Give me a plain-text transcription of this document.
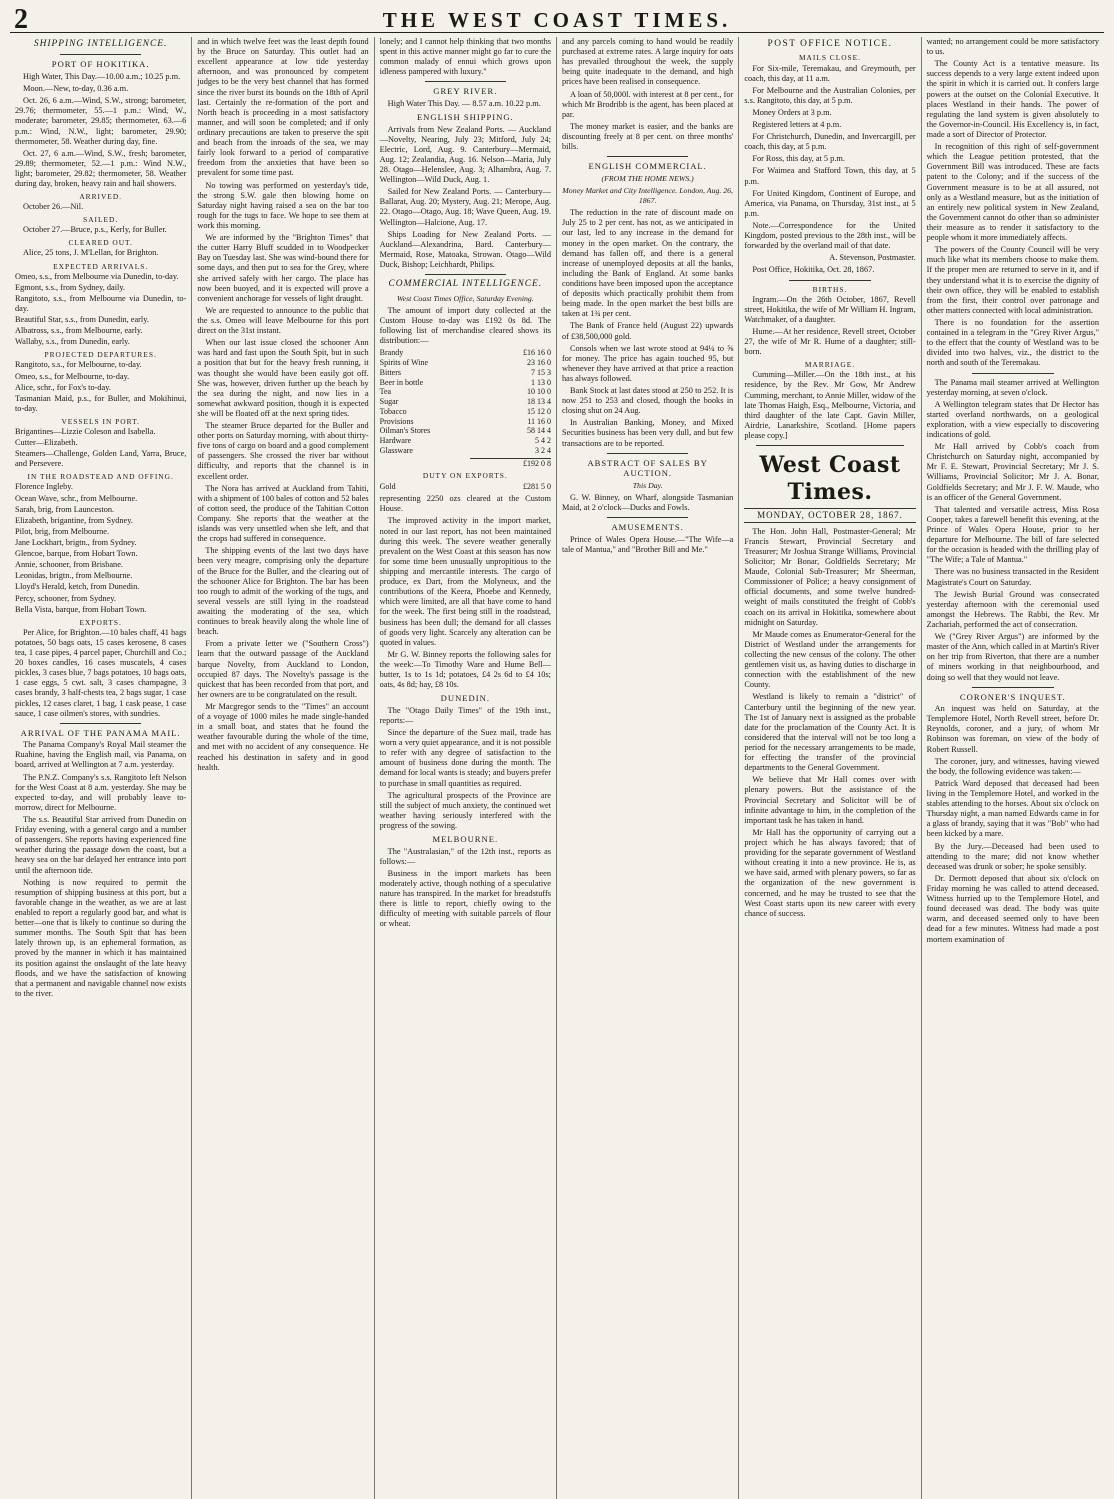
2	THE WEST COAST TIMES.
SHIPPING INTELLIGENCE.
PORT OF HOKITIKA.

High Water, This Day.—10.00 a.m.; 10.25 p.m.

Moon.—New, to-day, 0.36 a.m.

Oct. 26, 6 a.m.—Wind, S.W., strong; barometer, 29.76; thermometer, 55.—1 p.m.: Wind, W., moderate; barometer, 29.85; thermometer, 63.—6 p.m.: Wind, N.W., light; barometer, 29.90; thermometer, 58. Weather during day, fine.

Oct. 27, 6 a.m.—Wind, S.W., fresh; barometer, 29.89; thermometer, 52.—1 p.m.: Wind N.W., light; barometer, 29.82; thermometer, 58. Weather during day, broken, heavy rain and hail showers.

ARRIVED.

October 26.—Nil.

SAILED.

October 27.—Bruce, p.s., Kerly, for Buller.

CLEARED OUT.

Alice, 25 tons, J. M'Lellan, for Brighton.

EXPECTED ARRIVALS.

Omeo, s.s., from Melbourne via Dunedin, to-day.

Egmont, s.s., from Sydney, daily.

Rangitoto, s.s., from Melbourne via Dunedin, to-day.

Beautiful Star, s.s., from Dunedin, early.

Albatross, s.s., from Melbourne, early.

Wallaby, s.s., from Dunedin, early.

PROJECTED DEPARTURES.

Rangitoto, s.s., for Melbourne, to-day.

Omeo, s.s., for Melbourne, to-day.

Alice, schr., for Fox's to-day.

Tasmanian Maid, p.s., for Buller, and Mokihinui, to-day.

VESSELS IN PORT.

Brigantines—Lizzie Coleson and Isabella.

Cutter—Elizabeth.

Steamers—Challenge, Golden Land, Yarra, Bruce, and Persevere.

IN THE ROADSTEAD AND OFFING.

Florence Ingleby.

Ocean Wave, schr., from Melbourne.

Sarah, brig, from Launceston.

Elizabeth, brigantine, from Sydney.

Pilot, brig, from Melbourne.

Jane Lockhart, brigtn., from Sydney.

Glencoe, barque, from Hobart Town.

Annie, schooner, from Brisbane.

Leonidas, brigtn., from Melbourne.

Lloyd's Herald, ketch, from Dunedin.

Percy, schooner, from Sydney.

Bella Vista, barque, from Hobart Town.

EXPORTS.

Per Alice, for Brighton.—10 bales chaff, 41 bags potatoes, 50 bags oats, 15 cases kerosene, 8 cases tea, 1 case pipes, 4 parcel paper, Churchill and Co.; 20 boxes candles, 16 cases muscatels, 4 cases pickles, 3 cases blue, 7 bags potatoes, 10 bags oats, 1 case eggs, 5 cwt. salt, 3 cases champagne, 3 cases brandy, 3 half-chests tea, 2 bags sugar, 1 case pickles, 12 cases claret, 1 bag, 1 cask pease, 1 case sauce, 1 case oilmen's stores, with sundries.

ARRIVAL OF THE PANAMA MAIL.

The Panama Company's Royal Mail steamer the Ruahine, having the English mail, via Panama, on board, arrived at Wellington at 7 a.m. yesterday.

The P.N.Z. Company's s.s. Rangitoto left Nelson for the West Coast at 8 a.m. yesterday. She may be expected to-day, and will probably leave to-morrow, direct for Melbourne.

The s.s. Beautiful Star arrived from Dunedin on Friday evening, with a general cargo and a number of passengers. She reports having experienced fine weather during the passage down the coast, but a heavy sea on the bar delayed her entrance into port until the afternoon tide.

Nothing is now required to permit the resumption of shipping business at this port, but a favorable change in the weather, as we are at last enabled to report a regularly good bar, and what is better—one that is likely to continue so during the summer months. The South Spit that has been lately thrown up, is an ephemeral formation, as proved by the manner in which it has maintained its position against the onslaught of the late heavy floods, and we have the satisfaction of knowing that a permanent and navigable channel now exists to the river.

and in which twelve feet was the least depth found by the Bruce on Saturday. This outlet had an excellent appearance at low tide yesterday afternoon, and was pronounced by competent judges to be the very best channel that has formed since the river burst its bounds on the 18th of April last. Certainly the re-formation of the port and North beach is proceeding in a most satisfactory manner, and will soon be completed; and if only ordinary precautions are taken to preserve the spit and beach from the inroads of the sea, we may fairly look forward to a period of comparative freedom from the anxieties that have been so prevalent for some time past.

No towing was performed on yesterday's tide, the strong S.W. gale then blowing home on Saturday night having raised a sea on the bar too rough for the tugs to face. We hope to see them at work this morning.

We are informed by the "Brighton Times" that the cutter Harry Bluff scudded in to Woodpecker Bay on Tuesday last. She was wind-bound there for some days, and then put to sea for the Grey, where she arrived safely with her cargo. The place has now been buoyed, and it is expected will prove a convenient anchorage for vessels of light draught.

We are requested to announce to the public that the s.s. Omeo will leave Melbourne for this port direct on the 31st instant.

When our last issue closed the schooner Ann was hard and fast upon the South Spit, but in such a position that but for the heavy fresh running, it was thought she would have been easily got off. She was, however, driven further up the beach by the sea during the night, and now lies in a somewhat awkward position, though it is expected she will be floated off at the next spring tides.

The steamer Bruce departed for the Buller and other ports on Saturday morning, with about thirty-five tons of cargo on board and a good complement of passengers. She crossed the river bar without difficulty, and reports that the channel is in excellent order.

The Nora has arrived at Auckland from Tahiti, with a shipment of 100 bales of cotton and 52 bales of cotton seed, the produce of the Tahitian Cotton Company. She reports that the weather at the islands was very unsettled when she left, and that the crops had suffered in consequence.

The shipping events of the last two days have been very meagre, comprising only the departure of the Bruce for the Buller, and the clearing out of the schooner Alice for Brighton. The bar has been too rough to admit of the working of the tugs, and several vessels are still lying in the roadstead awaiting the moderating of the sea, which continues to break heavily along the whole line of beach.

From a private letter we ("Southern Cross") learn that the outward passage of the Auckland barque Novelty, from Auckland to London, occupied 87 days. The Novelty's passage is the quickest that has been recorded from that port, and her owners are to be congratulated on the result.

Mr Macgregor sends to the "Times" an account of a voyage of 1000 miles he made single-handed in a small boat, and states that he found the weather favourable during the whole of the time, and met with no accident of any consequence. He reached his destination in safety and in good health.

lonely; and I cannot help thinking that two months spent in this active manner might go far to cure the common malady of ennui which grows upon idleness pampered with luxury."

GREY RIVER.

High Water This Day. — 8.57 a.m. 10.22 p.m.

ENGLISH SHIPPING.

Arrivals from New Zealand Ports. — Auckland—Novelty, Nearing, July 23; Mitford, July 24; Electric, Lord, Aug. 9. Canterbury—Mermaid, Aug. 12; Zealandia, Aug. 16. Nelson—Maria, July 28. Otago—Helenslee, Aug. 3; Alhambra, Aug. 7. Wellington—Wild Duck, Aug. 1.

Sailed for New Zealand Ports. — Canterbury—Ballarat, Aug. 20; Mystery, Aug. 21; Merope, Aug. 22. Otago—Otago, Aug. 18; Wave Queen, Aug. 19. Wellington—Halcione, Aug. 17.

Ships Loading for New Zealand Ports. — Auckland—Alexandrina, Bard. Canterbury—Mermaid, Rose, Matoaka, Strowan. Otago—Wild Duck, Bishop; Leichhardt, Philips.

COMMERCIAL INTELLIGENCE.
West Coast Times Office, Saturday Evening.

The amount of import duty collected at the Custom House to-day was £192 0s 8d. The following list of merchandise cleared shows its distribution:—

Brandy	£16 16 0
Spirits of Wine	23 16 0
Bitters	7 15 3
Beer in bottle	1 13 0
Tea	10 10 0
Sugar	18 13 4
Tobacco	15 12 0
Provisions	11 16 0
Oilman's Stores	58 14 4
Hardware	5 4 2
Glassware	3 2 4
£192 0 8
DUTY ON EXPORTS.
Gold	£281 5 0

representing 2250 ozs cleared at the Custom House.

The improved activity in the import market, noted in our last report, has not been maintained during this week. The severe weather generally prevalent on the West Coast at this season has now for some time been unusually unpropitious to the shipping and mercantile interests. The cargo of produce, ex Dart, from the Molyneux, and the contributions of the Keera, Phoebe and Kennedy, which were limited, are all that have come to hand for the week. The first being still in the roadstead, business has been dull; the demand for all classes of goods very light. Scarcely any alteration can be quoted in values.

Mr G. W. Binney reports the following sales for the week:—To Timothy Ware and Hume Bell—butter, 1s to 1s 1d; potatoes, £4 2s 6d to £4 10s; oats, 4s 8d; hay, £8 10s.

DUNEDIN.

The "Otago Daily Times" of the 19th inst., reports:—

Since the departure of the Suez mail, trade has worn a very quiet appearance, and it is not possible to refer with any degree of satisfaction to the amount of business done during the month. The demand for local wants is steady; and buyers prefer to purchase in small quantities as required.

The agricultural prospects of the Province are still the subject of much anxiety, the continued wet weather having seriously interfered with the progress of the sowing.

MELBOURNE.

The "Australasian," of the 12th inst., reports as follows:—

Business in the import markets has been moderately active, though nothing of a speculative nature has transpired. In the market for breadstuffs there is little to report, chiefly owing to the difficulty of meeting with suitable parcels of flour or wheat.

and any parcels coming to hand would be readily purchased at extreme rates. A large inquiry for oats has prevailed throughout the week, the supply being quite inadequate to the demand, and high prices have been realised in consequence.

A loan of 50,000l. with interest at 8 per cent., for which Mr Brodribb is the agent, has been placed at par.

The money market is easier, and the banks are discounting freely at 8 per cent. on three months' bills.

ENGLISH COMMERCIAL.
(FROM THE HOME NEWS.)
Money Market and City Intelligence. London, Aug. 26, 1867.

The reduction in the rate of discount made on July 25 to 2 per cent. has not, as we anticipated in our last, led to any increase in the demand for money in the open market. On the contrary, the demand has fallen off, and there is a general increase of unemployed deposits at all the banks, including the Bank of England. At some banks conditions have been imposed upon the acceptance of deposits which practically prohibit them from being made. In the open market the best bills are taken at 1¾ per cent.

The Bank of France held (August 22) upwards of £38,500,000 gold.

Consols when we last wrote stood at 94¼ to ⅝ for money. The price has again touched 95, but whenever they have arrived at that price a reaction has always followed.

Bank Stock at last dates stood at 250 to 252. It is now 251 to 253 and closed, though the books in closing shut on 24 Aug.

In Australian Banking, Money, and Mixed Securities business has been very dull, and but few transactions are to be reported.

ABSTRACT OF SALES BY AUCTION.
This Day.

G. W. Binney, on Wharf, alongside Tasmanian Maid, at 2 o'clock—Ducks and Fowls.

AMUSEMENTS.

Prince of Wales Opera House.—"The Wife—a tale of Mantua," and "Brother Bill and Me."

POST OFFICE NOTICE.
MAILS CLOSE.

For Six-mile, Teremakau, and Greymouth, per coach, this day, at 11 a.m.

For Melbourne and the Australian Colonies, per s.s. Rangitoto, this day, at 5 p.m.

Money Orders at 3 p.m.

Registered letters at 4 p.m.

For Christchurch, Dunedin, and Invercargill, per coach, this day, at 5 p.m.

For Ross, this day, at 5 p.m.

For Waimea and Stafford Town, this day, at 5 p.m.

For United Kingdom, Continent of Europe, and America, via Panama, on Thursday, 31st inst., at 5 p.m.

Note.—Correspondence for the United Kingdom, posted previous to the 28th inst., will be forwarded by the overland mail of that date.

A. Stevenson, Postmaster.

Post Office, Hokitika, Oct. 28, 1867.

BIRTHS.

Ingram.—On the 26th October, 1867, Revell street, Hokitika, the wife of Mr William H. Ingram, Watchmaker, of a daughter.

Hume.—At her residence, Revell street, October 27, the wife of Mr R. Hume of a daughter; still-born.

MARRIAGE.

Cumming—Miller.—On the 18th inst., at his residence, by the Rev. Mr Gow, Mr Andrew Cumming, merchant, to Annie Miller, widow of the late Thomas Haigh, Esq., Melbourne, Victoria, and third daughter of the late Capt. Gavin Miller, Airdrie, Lanarkshire, Scotland. [Home papers please copy.]

West Coast Times.
MONDAY, OCTOBER 28, 1867.

The Hon. John Hall, Postmaster-General; Mr Francis Stewart, Provincial Secretary and Treasurer; Mr Joshua Strange Williams, Provincial Solicitor; Mr Bonar, Goldfields Secretary; Mr Maude, Colonial Sub-Treasurer; Mr Sheerman, Commissioner of Police; a heavy consignment of official documents, and some twelve hundred-weight of mails constituted the freight of Cobb's coach on its arrival in Hokitika, somewhere about midnight on Saturday.

Mr Maude comes as Enumerator-General for the District of Westland under the arrangements for collecting the new census of the colony. The other gentlemen visit us, as having duties to discharge in connection with the establishment of the new County.

Westland is likely to remain a "district" of Canterbury until the beginning of the new year. The 1st of January next is assigned as the probable date for the proclamation of the County Act. It is considered that the interval will not be too long a period for the necessary arrangements to be made, for effecting the transfer of the provincial departments to the General Government.

We believe that Mr Hall comes over with plenary powers. But the assistance of the Provincial Secretary and Solicitor will be of infinite advantage to him, in the completion of the important task he has taken in hand.

Mr Hall has the opportunity of carrying out a project which he has always favored; that of providing for the separate government of Westland without creating it into a new province. He is, as we have said, armed with plenary powers, so far as the organization of the new government is concerned, and he may be trusted to see that the West Coast starts upon its new career with every chance of success.

wanted; no arrangement could be more satisfactory to us.

The County Act is a tentative measure. Its success depends to a very large extent indeed upon the spirit in which it is carried out. It confers large powers at the outset on the Colonial Executive. It places Westland in their hands. The power of regulating the land system is given absolutely to the Governor-in-Council. His Excellency is, in fact, made a sort of Director of Protector.

In recognition of this right of self-government which the League petition protested, that the Government Bill was introduced. These are facts patent to the Colony; and if the success of the Government measure is to be at all assured, not only as a Westland measure, but as the initiation of an entirely new political system in New Zealand, the Government cannot do other than so administer their measure as to render it satisfactory to the people whom it more immediately affects.

The powers of the County Council will be very much like what its members choose to make them. If the proper men are returned to serve in it, and if they understand what it is to exercise the dignity of their own office, they will be enabled to establish from the first, their control over patronage and other matters connected with local administration.

There is no foundation for the assertion contained in a telegram in the "Grey River Argus," to the effect that the county of Westland was to be divided into two halves, viz., the district to the north and south of the Teremakau.

The Panama mail steamer arrived at Wellington yesterday morning, at seven o'clock.

A Wellington telegram states that Dr Hector has started overland northwards, on a geological exploration, with a view especially to discovering indications of gold.

Mr Hall arrived by Cobb's coach from Christchurch on Saturday night, accompanied by Mr F. E. Stewart, Provincial Secretary; Mr J. S. Williams, Provincial Solicitor; Mr J. A. Bonar, Goldfields Secretary; and Mr J. F. W. Maude, who is an officer of the General Government.

That talented and versatile actress, Miss Rosa Cooper, takes a farewell benefit this evening, at the Prince of Wales Opera House, prior to her departure for Melbourne. The bill of fare selected for the occasion is headed with the thrilling play of "The Wife; a Tale of Mantua."

There was no business transacted in the Resident Magistrate's Court on Saturday.

The Jewish Burial Ground was consecrated yesterday afternoon with the ceremonial used amongst the Hebrews. The Rabbi, the Rev. Mr Zachariah, performed the act of consecration.

We ("Grey River Argus") are informed by the master of the Ann, which called in at Martin's River on her trip from Riverton, that there are a number of miners working in that neighbourhood, and doing so well that they would not leave.

CORONER'S INQUEST.

An inquest was held on Saturday, at the Templemore Hotel, North Revell street, before Dr. Reynolds, coroner, and a jury, of whom Mr Robinson was foreman, on view of the body of Robert Russell.

The coroner, jury, and witnesses, having viewed the body, the following evidence was taken:—

Patrick Ward deposed that deceased had been living in the Templemore Hotel, and worked in the stables attending to the horses. About six o'clock on Thursday night, a man named Edwards came in for a glass of brandy, saying that it was "Bob" who had been kicked by a mare.

By the Jury.—Deceased had been used to attending to the mare; did not know whether deceased was drunk or sober; he spoke sensibly.

Dr. Dermott deposed that about six o'clock on Friday morning he was called to attend deceased. Witness hurried up to the Templemore Hotel, and found deceased was dead. The body was quite warm, and deceased seemed only to have been dead for a few minutes. Witness had made a post mortem examination of
